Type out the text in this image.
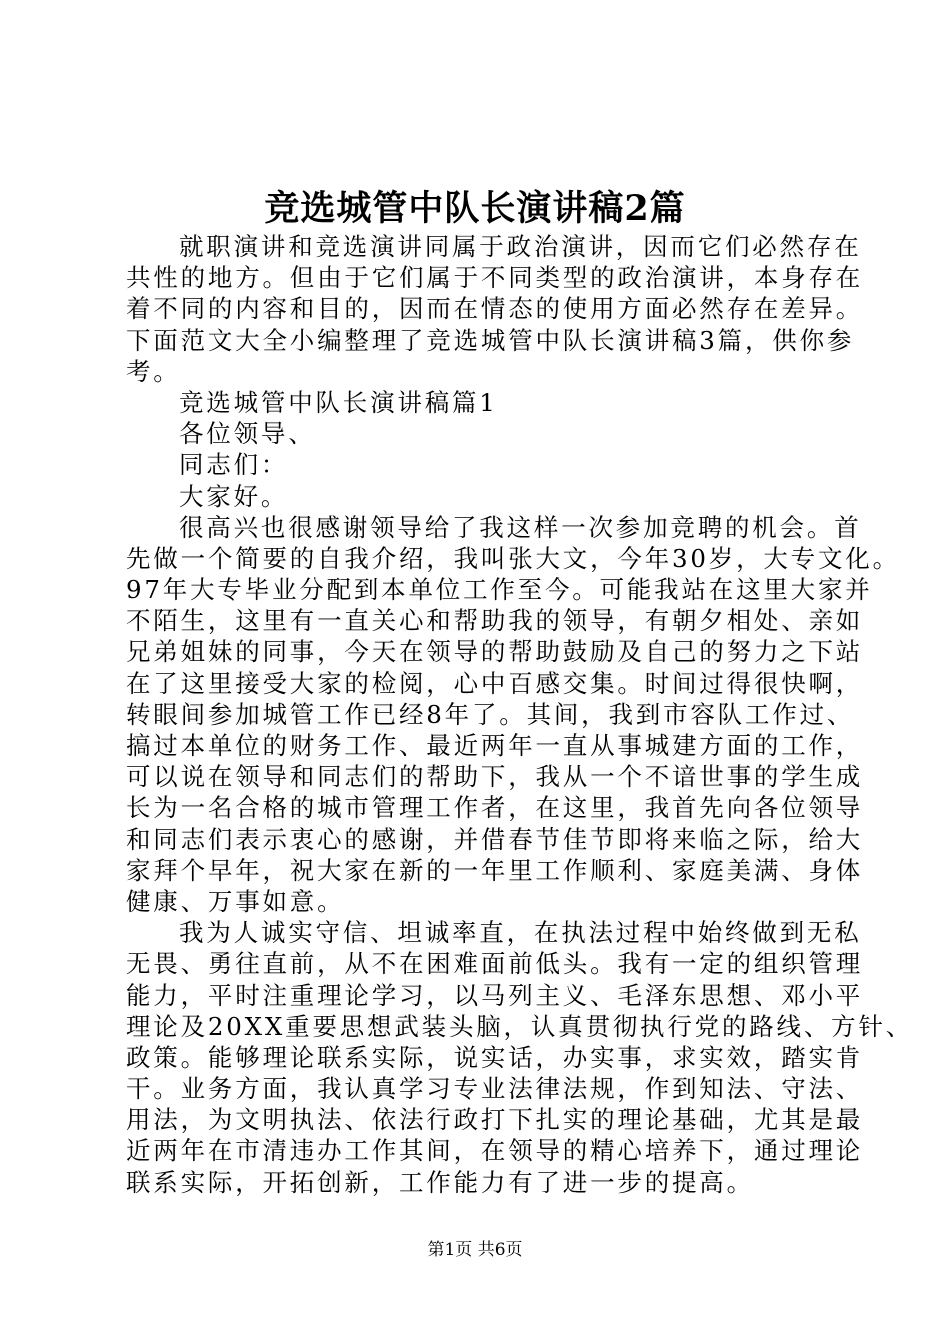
竞选城管中队长演讲稿2篇
就职演讲和竞选演讲同属于政治演讲，因而它们必然存在
共性的地方。但由于它们属于不同类型的政治演讲，本身存在
着不同的内容和目的，因而在情态的使用方面必然存在差异。
下面范文大全小编整理了竞选城管中队长演讲稿3篇，供你参
考。
竞选城管中队长演讲稿篇1
各位领导、
同志们：
大家好。
很高兴也很感谢领导给了我这样一次参加竞聘的机会。首
先做一个简要的自我介绍，我叫张大文，今年30岁，大专文化。
97年大专毕业分配到本单位工作至今。可能我站在这里大家并
不陌生，这里有一直关心和帮助我的领导，有朝夕相处、亲如
兄弟姐妹的同事，今天在领导的帮助鼓励及自己的努力之下站
在了这里接受大家的检阅，心中百感交集。时间过得很快啊，
转眼间参加城管工作已经8年了。其间，我到市容队工作过、
搞过本单位的财务工作、最近两年一直从事城建方面的工作，
可以说在领导和同志们的帮助下，我从一个不谙世事的学生成
长为一名合格的城市管理工作者，在这里，我首先向各位领导
和同志们表示衷心的感谢，并借春节佳节即将来临之际，给大
家拜个早年，祝大家在新的一年里工作顺利、家庭美满、身体
健康、万事如意。
我为人诚实守信、坦诚率直，在执法过程中始终做到无私
无畏、勇往直前，从不在困难面前低头。我有一定的组织管理
能力，平时注重理论学习，以马列主义、毛泽东思想、邓小平
理论及20XX重要思想武装头脑，认真贯彻执行党的路线、方针、
政策。能够理论联系实际，说实话，办实事，求实效，踏实肯
干。业务方面，我认真学习专业法律法规，作到知法、守法、
用法，为文明执法、依法行政打下扎实的理论基础，尤其是最
近两年在市清违办工作其间，在领导的精心培养下，通过理论
联系实际，开拓创新，工作能力有了进一步的提高。
第1页 共6页
